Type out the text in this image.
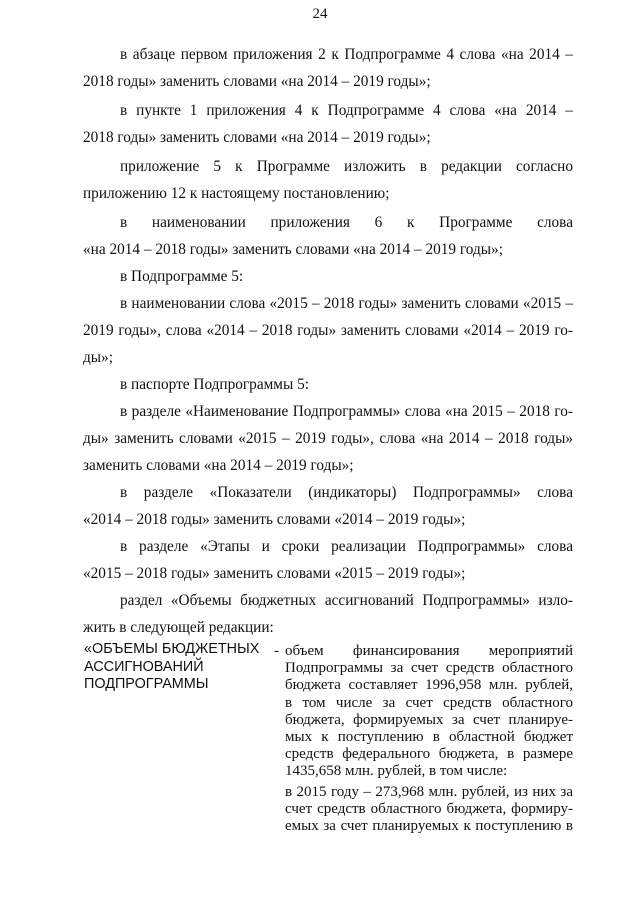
24
в абзаце первом приложения 2 к Подпрограмме 4 слова «на 2014 –
2018 годы» заменить словами «на 2014 – 2019 годы»;
в пункте 1 приложения 4 к Подпрограмме 4 слова «на 2014 –
2018 годы» заменить словами «на 2014 – 2019 годы»;
приложение 5 к Программе изложить в редакции согласно
приложению 12 к настоящему постановлению;
в наименовании приложения 6 к Программе слова
«на 2014 – 2018 годы» заменить словами «на 2014 – 2019 годы»;
в Подпрограмме 5:
в наименовании слова «2015 – 2018 годы» заменить словами «2015 –
2019 годы», слова «2014 – 2018 годы» заменить словами «2014 – 2019 го-
ды»;
в паспорте Подпрограммы 5:
в разделе «Наименование Подпрограммы» слова «на 2015 – 2018 го-
ды» заменить словами «2015 – 2019 годы», слова «на 2014 – 2018 годы»
заменить словами «на 2014 – 2019 годы»;
в разделе «Показатели (индикаторы) Подпрограммы» слова
«2014 – 2018 годы» заменить словами «2014 – 2019 годы»;
в разделе «Этапы и сроки реализации Подпрограммы» слова
«2015 – 2018 годы» заменить словами «2015 – 2019 годы»;
раздел «Объемы бюджетных ассигнований Подпрограммы» изло-
жить в следующей редакции:
«ОБЪЕМЫ БЮДЖЕТНЫХ
АССИГНОВАНИЙ
ПОДПРОГРАММЫ
- объем финансирования мероприятий
Подпрограммы за счет средств областного
бюджета составляет 1996,958 млн. рублей,
в том числе за счет средств областного
бюджета, формируемых за счет планируе-
мых к поступлению в областной бюджет
средств федерального бюджета, в размере
1435,658 млн. рублей, в том числе:
в 2015 году – 273,968 млн. рублей, из них за
счет средств областного бюджета, формиру-
емых за счет планируемых к поступлению в
